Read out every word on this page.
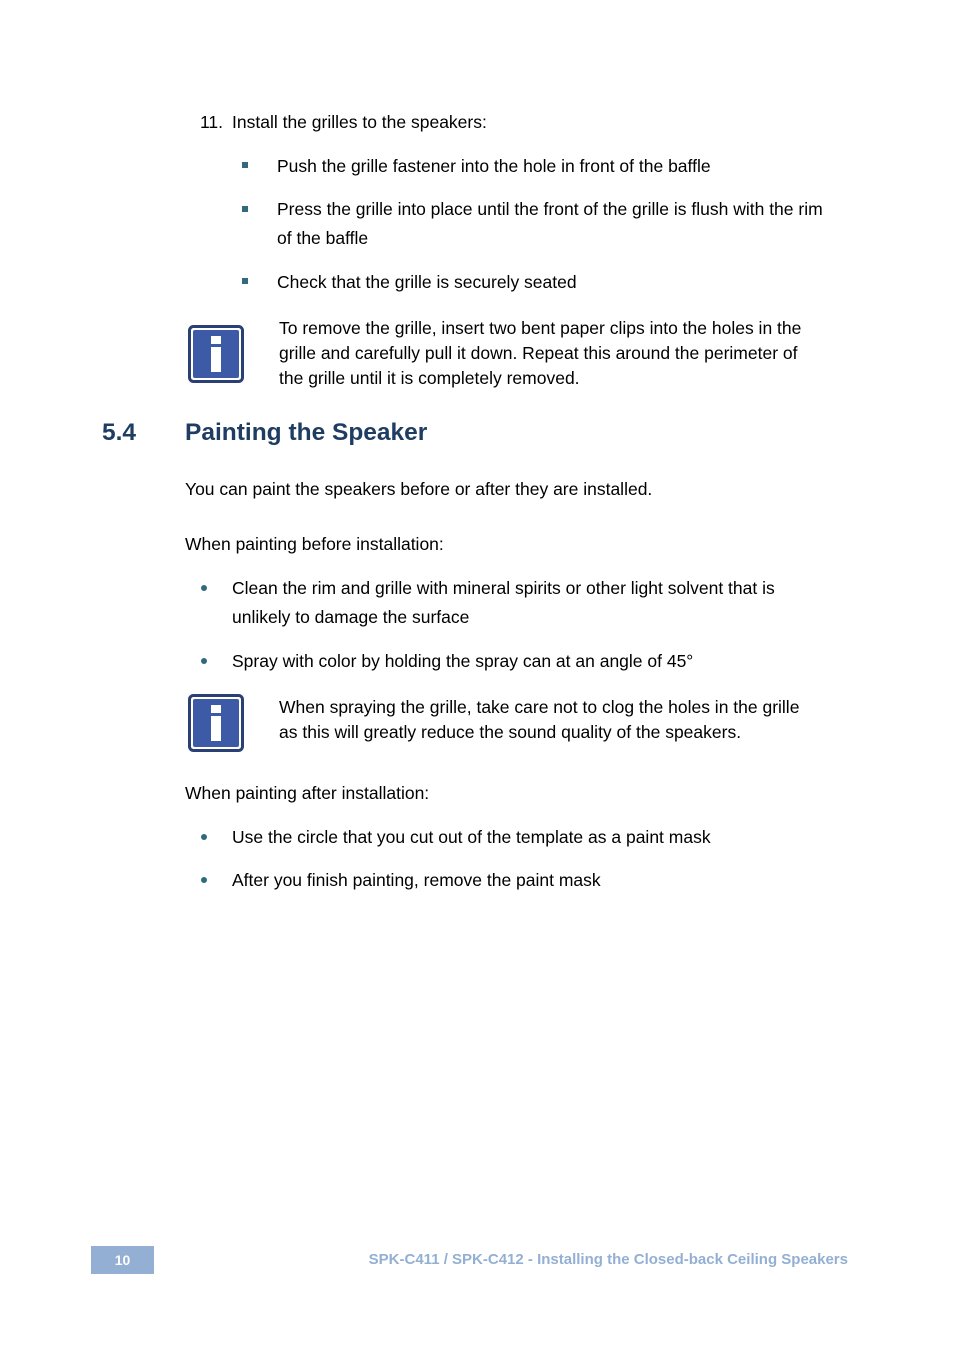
11. Install the grilles to the speakers:
Push the grille fastener into the hole in front of the baffle
Press the grille into place until the front of the grille is flush with the rim
of the baffle
Check that the grille is securely seated
To remove the grille, insert two bent paper clips into the holes in the
grille and carefully pull it down. Repeat this around the perimeter of
the grille until it is completely removed.
5.4 Painting the Speaker
You can paint the speakers before or after they are installed.
When painting before installation:
Clean the rim and grille with mineral spirits or other light solvent that is
unlikely to damage the surface
Spray with color by holding the spray can at an angle of 45°
When spraying the grille, take care not to clog the holes in the grille
as this will greatly reduce the sound quality of the speakers.
When painting after installation:
Use the circle that you cut out of the template as a paint mask
After you finish painting, remove the paint mask
10	SPK-C411 / SPK-C412 - Installing the Closed-back Ceiling Speakers
